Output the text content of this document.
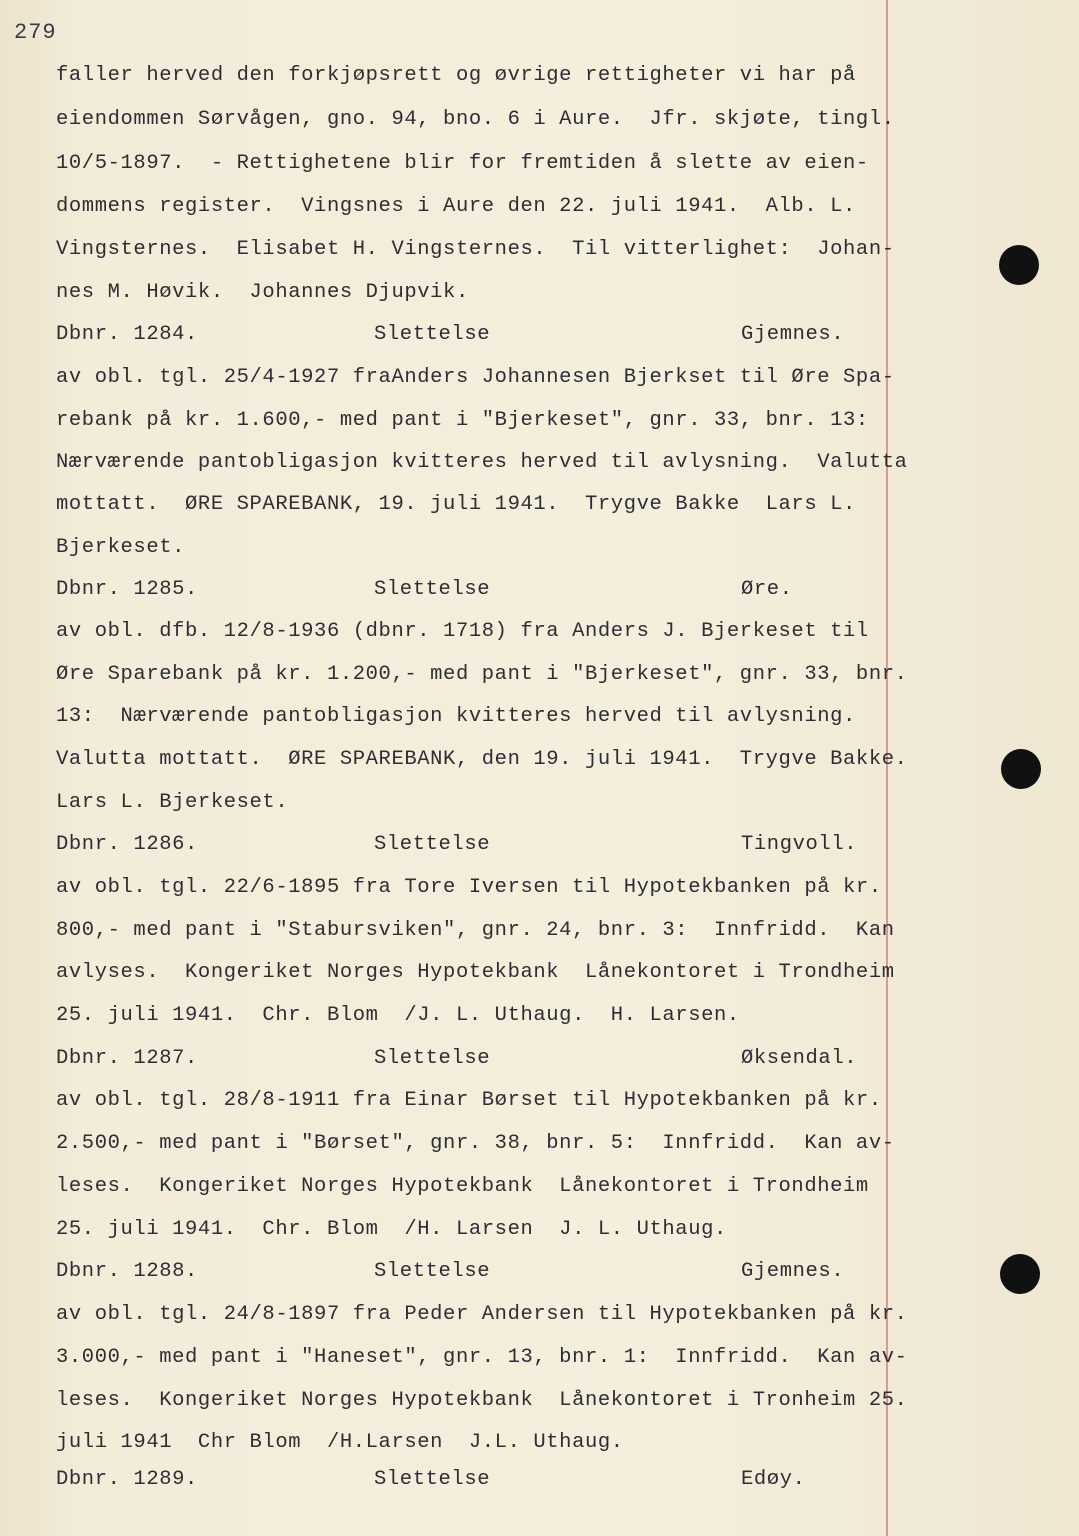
279
faller herved den forkjøpsrett og øvrige rettigheter vi har på
eiendommen Sørvågen, gno. 94, bno. 6 i Aure.  Jfr. skjøte, tingl.
10/5-1897.  - Rettighetene blir for fremtiden å slette av eien-
dommens register.  Vingsnes i Aure den 22. juli 1941.  Alb. L.
Vingsternes.  Elisabet H. Vingsternes.  Til vitterlighet:  Johan-
nes M. Høvik.  Johannes Djupvik.
Dbnr. 1284.	Slettelse	Gjemnes.
av obl. tgl. 25/4-1927 fraAnders Johannesen Bjerkset til Øre Spa-
rebank på kr. 1.600,- med pant i "Bjerkeset", gnr. 33, bnr. 13:
Nærværende pantobligasjon kvitteres herved til avlysning.  Valutta
mottatt.  ØRE SPAREBANK, 19. juli 1941.  Trygve Bakke  Lars L.
Bjerkeset.
Dbnr. 1285.	Slettelse	Øre.
av obl. dfb. 12/8-1936 (dbnr. 1718) fra Anders J. Bjerkeset til
Øre Sparebank på kr. 1.200,- med pant i "Bjerkeset", gnr. 33, bnr.
13:  Nærværende pantobligasjon kvitteres herved til avlysning.
Valutta mottatt.  ØRE SPAREBANK, den 19. juli 1941.  Trygve Bakke.
Lars L. Bjerkeset.
Dbnr. 1286.	Slettelse	Tingvoll.
av obl. tgl. 22/6-1895 fra Tore Iversen til Hypotekbanken på kr.
800,- med pant i "Stabursviken", gnr. 24, bnr. 3:  Innfridd.  Kan
avlyses.  Kongeriket Norges Hypotekbank  Lånekontoret i Trondheim
25. juli 1941.  Chr. Blom  /J. L. Uthaug.  H. Larsen.
Dbnr. 1287.	Slettelse	Øksendal.
av obl. tgl. 28/8-1911 fra Einar Børset til Hypotekbanken på kr.
2.500,- med pant i "Børset", gnr. 38, bnr. 5:  Innfridd.  Kan av-
leses.  Kongeriket Norges Hypotekbank  Lånekontoret i Trondheim
25. juli 1941.  Chr. Blom  /H. Larsen  J. L. Uthaug.
Dbnr. 1288.	Slettelse	Gjemnes.
av obl. tgl. 24/8-1897 fra Peder Andersen til Hypotekbanken på kr.
3.000,- med pant i "Haneset", gnr. 13, bnr. 1:  Innfridd.  Kan av-
leses.  Kongeriket Norges Hypotekbank  Lånekontoret i Tronheim 25.
juli 1941  Chr Blom  /H.Larsen  J.L. Uthaug.
Dbnr. 1289.	Slettelse	Edøy.
